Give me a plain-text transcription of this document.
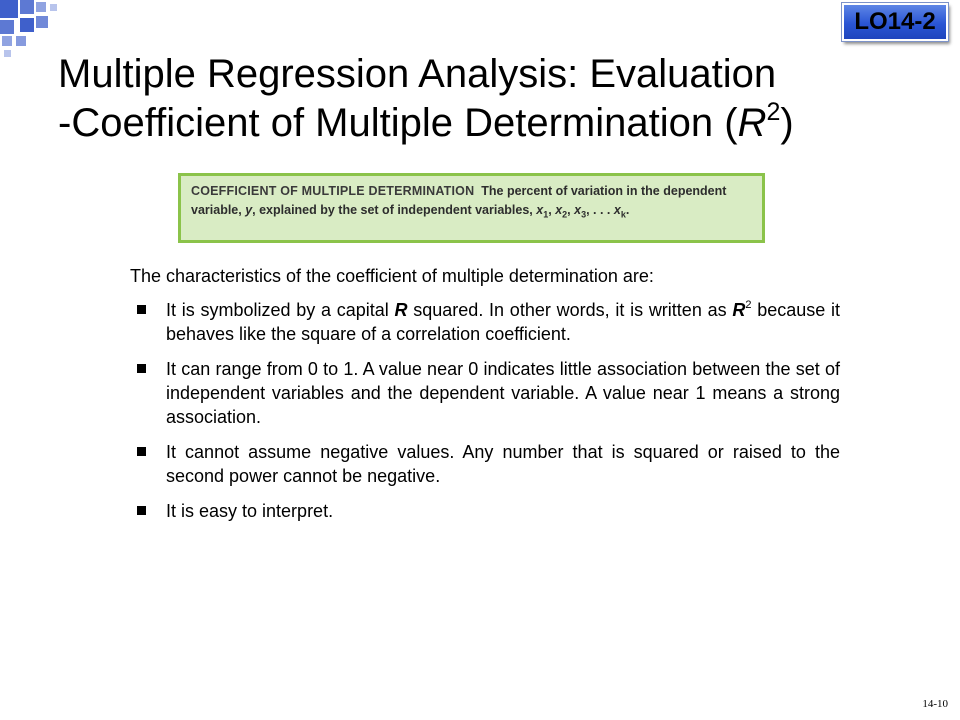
LO14-2
Multiple Regression Analysis: Evaluation
-Coefficient of Multiple Determination $(R^2)$
COEFFICIENT OF MULTIPLE DETERMINATION The percent of variation in the dependent variable, y, explained by the set of independent variables, $x_1$, $x_2$, $x_3$, . . . $x_k$.

The characteristics of the coefficient of multiple determination are:

It is symbolized by a capital R squared. In other words, it is written as $R^2$ because it behaves like the square of a correlation coefficient.
It can range from 0 to 1. A value near 0 indicates little association between the set of independent variables and the dependent variable. A value near 1 means a strong association.
It cannot assume negative values. Any number that is squared or raised to the second power cannot be negative.
It is easy to interpret.
14-10
